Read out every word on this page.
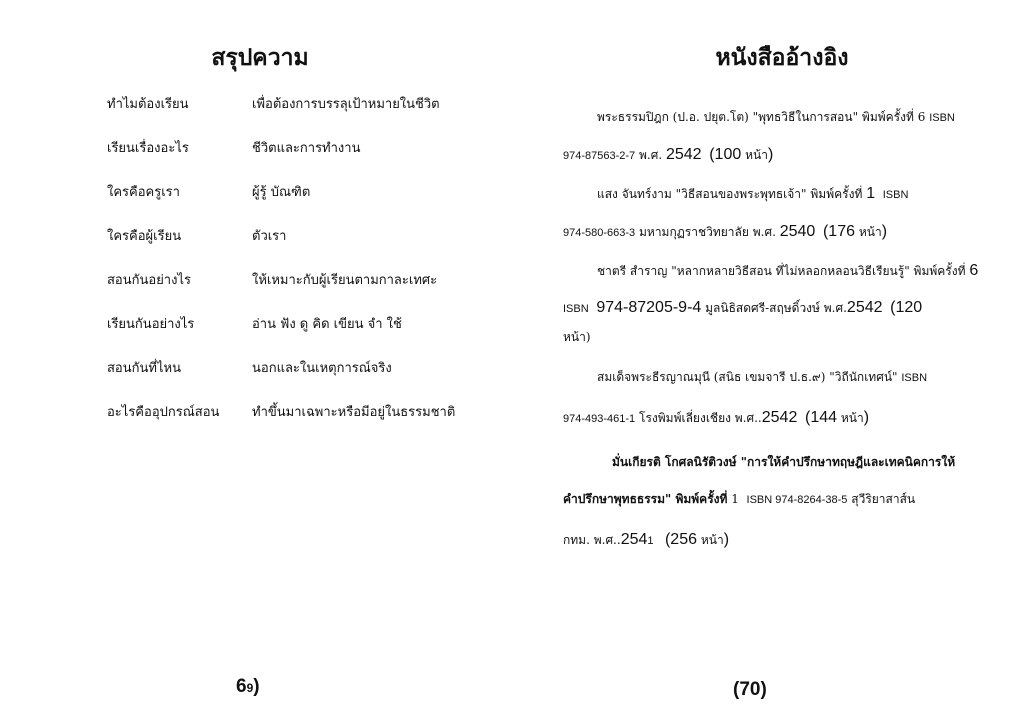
สรุปความ
ทำไมต้องเรียน	เพื่อต้องการบรรลุเป้าหมายในชีวิต
เรียนเรื่องอะไร	ชีวิตและการทำงาน
ใครคือครูเรา	ผู้รู้ บัณฑิต
ใครคือผู้เรียน	ตัวเรา
สอนกันอย่างไร	ให้เหมาะกับผู้เรียนตามกาละเทศะ
เรียนกันอย่างไร	อ่าน ฟัง ดู คิด เขียน จำ ใช้
สอนกันที่ไหน	นอกและในเหตุการณ์จริง
อะไรคืออุปกรณ์สอน	ทำขึ้นมาเฉพาะหรือมีอยู่ในธรรมชาติ
69)
หนังสืออ้างอิง
พระธรรมปิฎก (ป.อ. ปยุต.โต) "พุทธวิธีในการสอน" พิมพ์ครั้งที่ 6 ISBN
974-87563-2-7 พ.ศ. 2542 (100 หน้า)
แสง จันทร์งาม "วิธีสอนของพระพุทธเจ้า" พิมพ์ครั้งที่ 1 ISBN
974-580-663-3 มหามกุฏราชวิทยาลัย พ.ศ. 2540 (176 หน้า)
ชาตรี สำราญ "หลากหลายวิธีสอน ที่ไม่หลอกหลอนวิธีเรียนรู้" พิมพ์ครั้งที่ 6
ISBN 974-87205-9-4 มูลนิธิสดศรี-สฤษดิ์วงษ์ พ.ศ.2542 (120
หน้า)
สมเด็จพระธีรญาณมุนี (สนิธ เขมจารี ป.ธ.๙) "วิถีนักเทศน์" ISBN
974-493-461-1 โรงพิมพ์เลี่ยงเชียง พ.ศ..2542 (144 หน้า)
มั่นเกียรติ โกศลนิรัติวงษ์ "การให้คำปรึกษาทฤษฎีและเทคนิคการให้
คำปรึกษาพุทธธรรม" พิมพ์ครั้งที่ 1 ISBN 974-8264-38-5 สุวีริยาสาส์น
กทม. พ.ศ..2541 (256 หน้า)
(70)
